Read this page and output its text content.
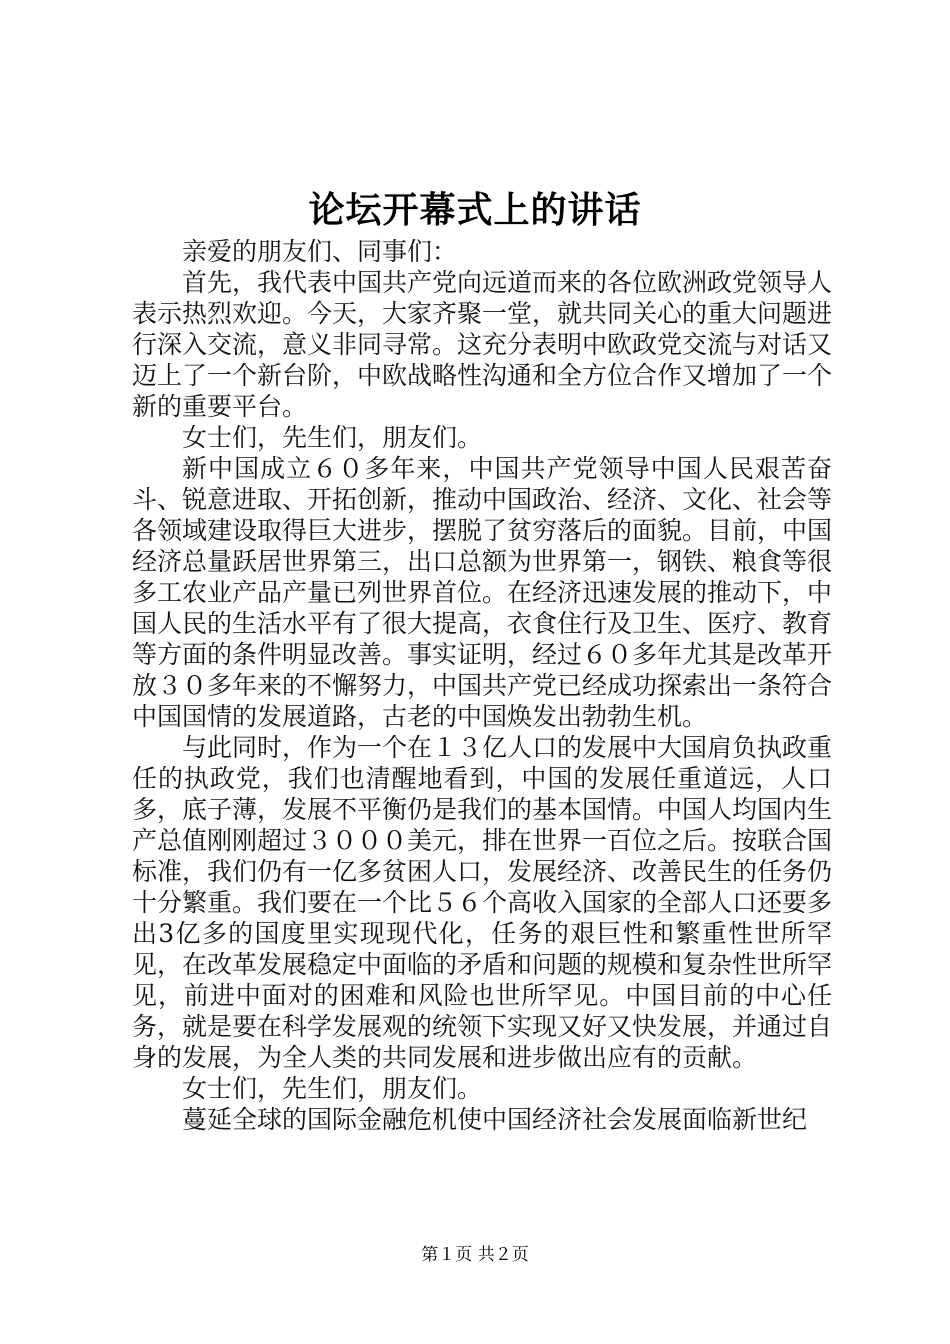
论坛开幕式上的讲话

亲爱的朋友们、同事们：

首先，我代表中国共产党向远道而来的各位欧洲政党领导人表示热烈欢迎。今天，大家齐聚一堂，就共同关心的重大问题进行深入交流，意义非同寻常。这充分表明中欧政党交流与对话又迈上了一个新台阶，中欧战略性沟通和全方位合作又增加了一个新的重要平台。

女士们，先生们，朋友们。

新中国成立６０多年来，中国共产党领导中国人民艰苦奋斗、锐意进取、开拓创新，推动中国政治、经济、文化、社会等各领域建设取得巨大进步，摆脱了贫穷落后的面貌。目前，中国经济总量跃居世界第三，出口总额为世界第一，钢铁、粮食等很多工农业产品产量已列世界首位。在经济迅速发展的推动下，中国人民的生活水平有了很大提高，衣食住行及卫生、医疗、教育等方面的条件明显改善。事实证明，经过６０多年尤其是改革开放３０多年来的不懈努力，中国共产党已经成功探索出一条符合中国国情的发展道路，古老的中国焕发出勃勃生机。

与此同时，作为一个在１３亿人口的发展中大国肩负执政重任的执政党，我们也清醒地看到，中国的发展任重道远，人口多，底子薄，发展不平衡仍是我们的基本国情。中国人均国内生产总值刚刚超过３０００美元，排在世界一百位之后。按联合国标准，我们仍有一亿多贫困人口，发展经济、改善民生的任务仍十分繁重。我们要在一个比５６个高收入国家的全部人口还要多出3亿多的国度里实现现代化，任务的艰巨性和繁重性世所罕见，在改革发展稳定中面临的矛盾和问题的规模和复杂性世所罕见，前进中面对的困难和风险也世所罕见。中国目前的中心任务，就是要在科学发展观的统领下实现又好又快发展，并通过自身的发展，为全人类的共同发展和进步做出应有的贡献。

女士们，先生们，朋友们。

蔓延全球的国际金融危机使中国经济社会发展面临新世纪

第１页 共２页
